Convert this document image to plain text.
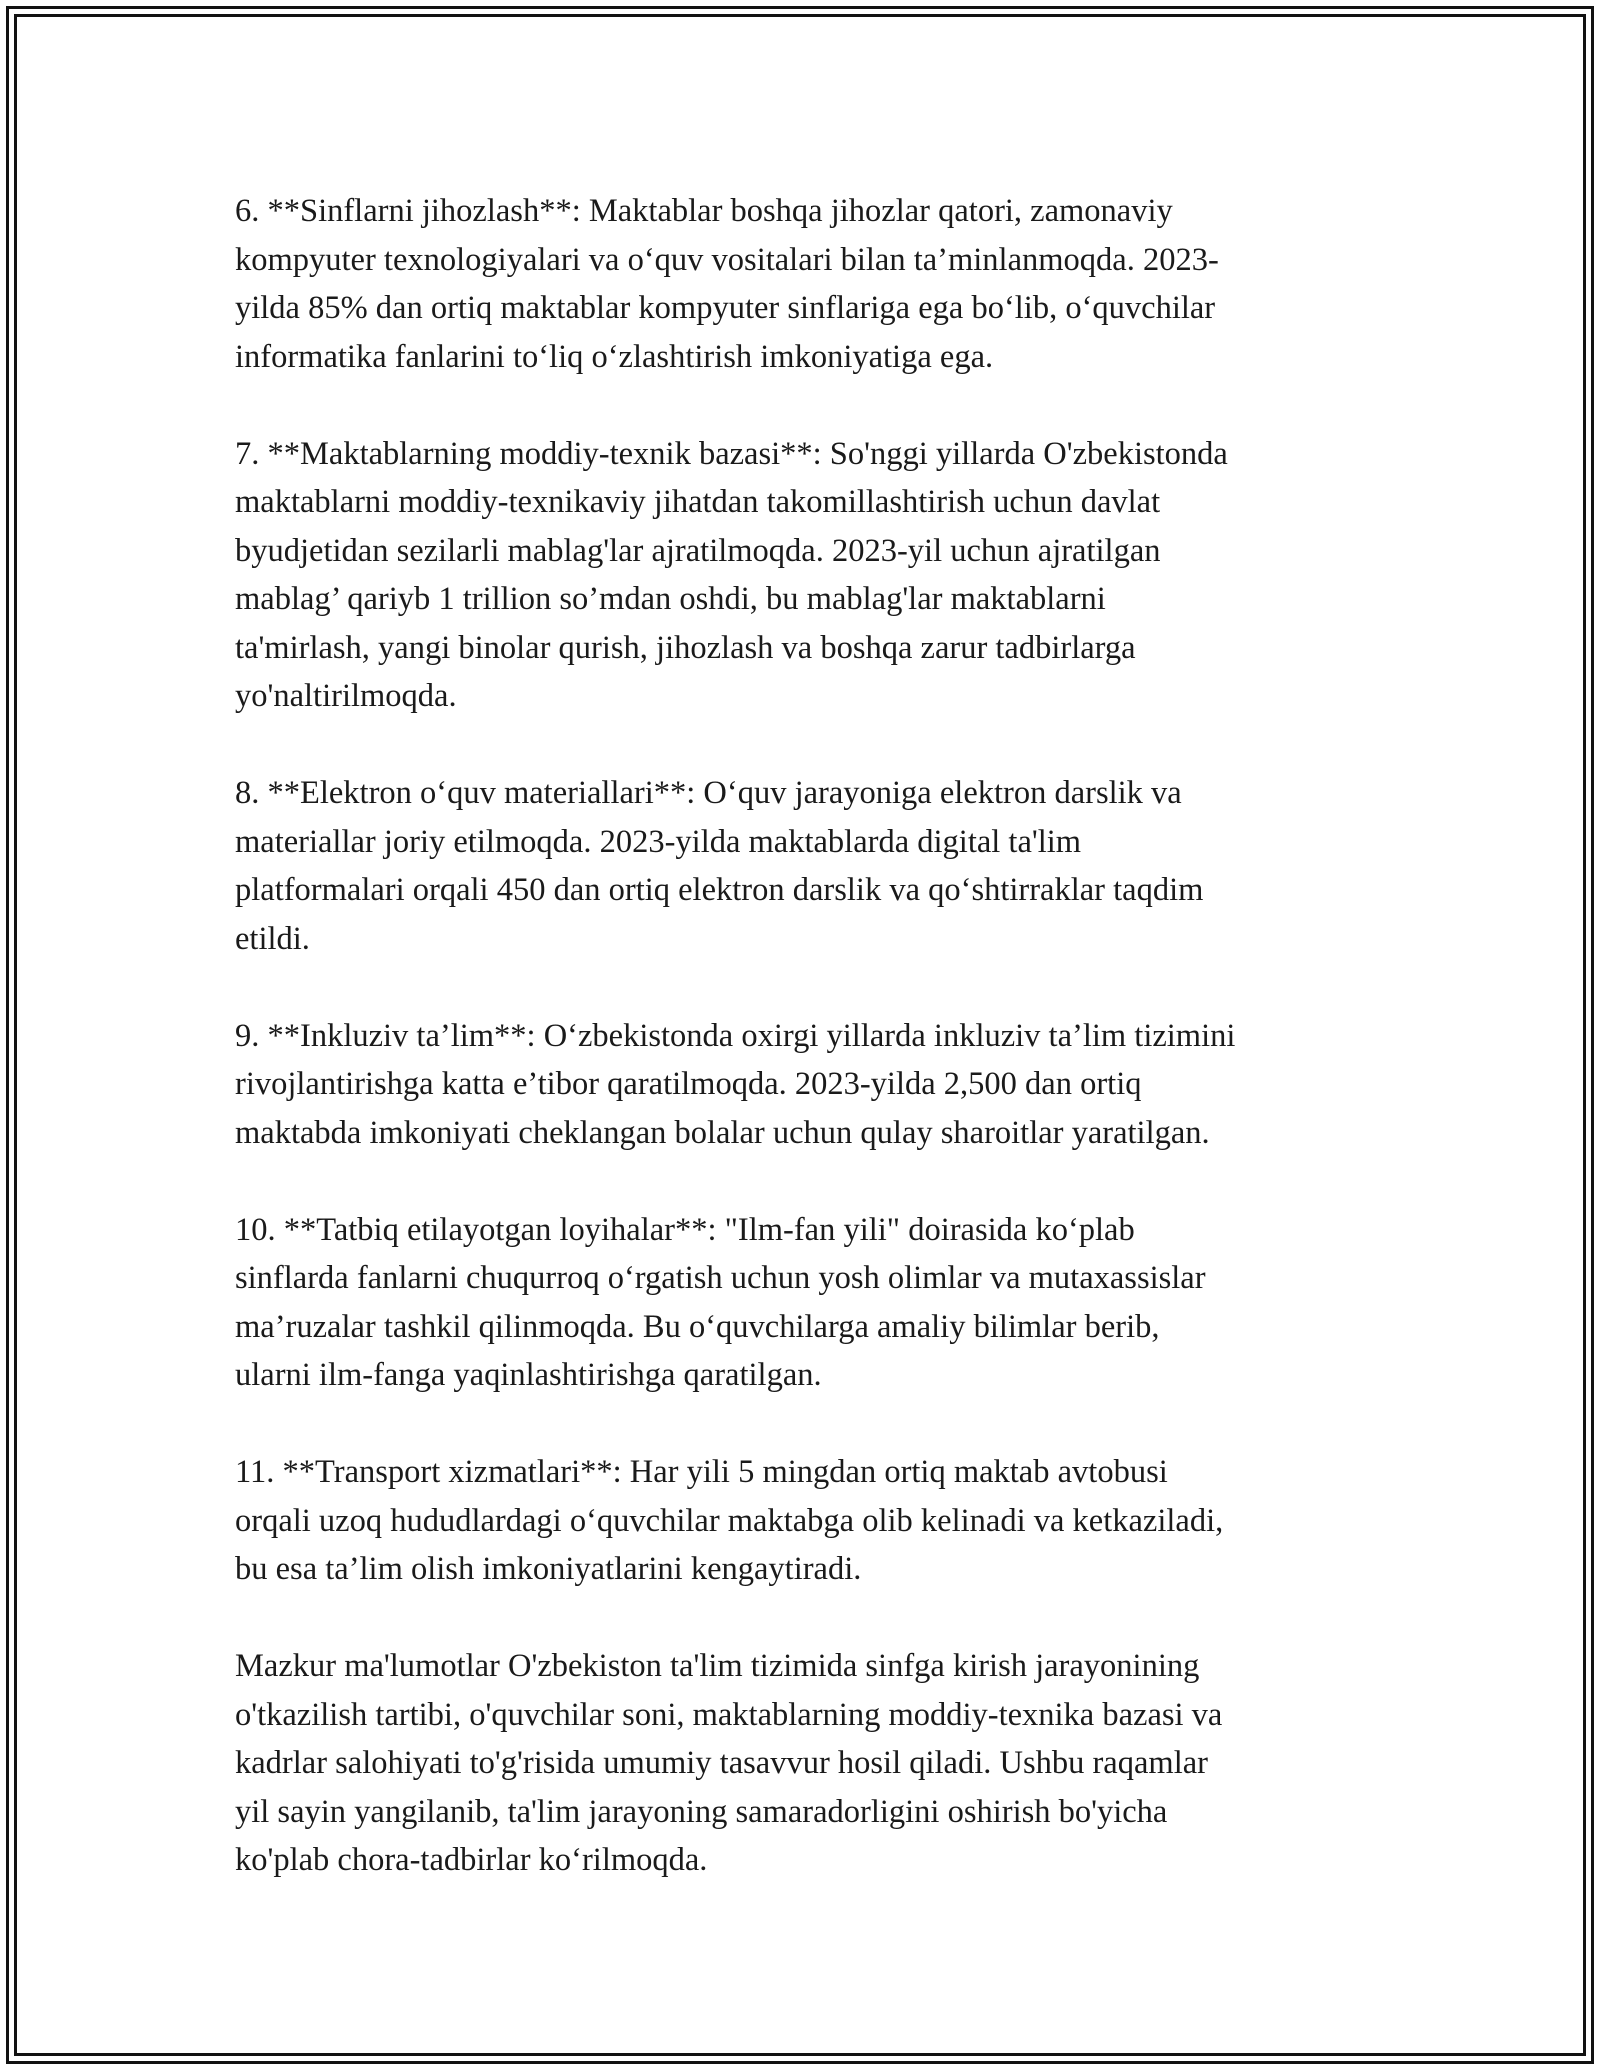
6. **Sinflarni jihozlash**: Maktablar boshqa jihozlar qatori, zamonaviy
kompyuter texnologiyalari va o‘quv vositalari bilan ta’minlanmoqda. 2023-
yilda 85% dan ortiq maktablar kompyuter sinflariga ega bo‘lib, o‘quvchilar
informatika fanlarini to‘liq o‘zlashtirish imkoniyatiga ega.

7. **Maktablarning moddiy-texnik bazasi**: So'nggi yillarda O'zbekistonda
maktablarni moddiy-texnikaviy jihatdan takomillashtirish uchun davlat
byudjetidan sezilarli mablag'lar ajratilmoqda. 2023-yil uchun ajratilgan
mablag’ qariyb 1 trillion so’mdan oshdi, bu mablag'lar maktablarni
ta'mirlash, yangi binolar qurish, jihozlash va boshqa zarur tadbirlarga
yo'naltirilmoqda.

8. **Elektron o‘quv materiallari**: O‘quv jarayoniga elektron darslik va
materiallar joriy etilmoqda. 2023-yilda maktablarda digital ta'lim
platformalari orqali 450 dan ortiq elektron darslik va qo‘shtirraklar taqdim
etildi.

9. **Inkluziv ta’lim**: O‘zbekistonda oxirgi yillarda inkluziv ta’lim tizimini
rivojlantirishga katta e’tibor qaratilmoqda. 2023-yilda 2,500 dan ortiq
maktabda imkoniyati cheklangan bolalar uchun qulay sharoitlar yaratilgan.

10. **Tatbiq etilayotgan loyihalar**: "Ilm-fan yili" doirasida ko‘plab
sinflarda fanlarni chuqurroq o‘rgatish uchun yosh olimlar va mutaxassislar
ma’ruzalar tashkil qilinmoqda. Bu o‘quvchilarga amaliy bilimlar berib,
ularni ilm-fanga yaqinlashtirishga qaratilgan.

11. **Transport xizmatlari**: Har yili 5 mingdan ortiq maktab avtobusi
orqali uzoq hududlardagi o‘quvchilar maktabga olib kelinadi va ketkaziladi,
bu esa ta’lim olish imkoniyatlarini kengaytiradi.

Mazkur ma'lumotlar O'zbekiston ta'lim tizimida sinfga kirish jarayonining
o'tkazilish tartibi, o'quvchilar soni, maktablarning moddiy-texnika bazasi va
kadrlar salohiyati to'g'risida umumiy tasavvur hosil qiladi. Ushbu raqamlar
yil sayin yangilanib, ta'lim jarayoning samaradorligini oshirish bo'yicha
ko'plab chora-tadbirlar ko‘rilmoqda.
